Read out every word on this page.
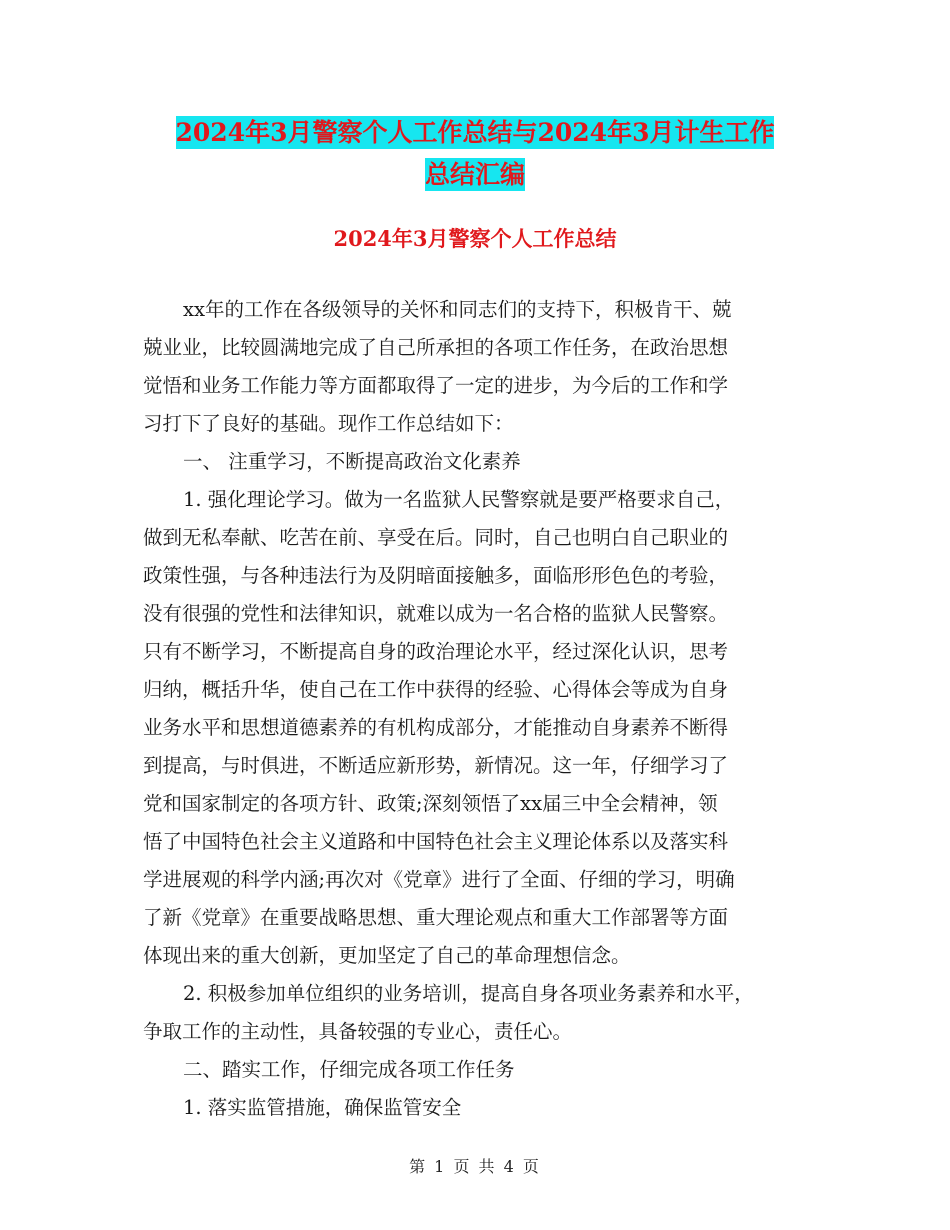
2024年3月警察个人工作总结与2024年3月计生工作
总结汇编
2024年3月警察个人工作总结
xx年的工作在各级领导的关怀和同志们的支持下，积极肯干、兢
兢业业，比较圆满地完成了自己所承担的各项工作任务，在政治思想
觉悟和业务工作能力等方面都取得了一定的进步，为今后的工作和学
习打下了良好的基础。现作工作总结如下：
一、 注重学习，不断提高政治文化素养
1. 强化理论学习。做为一名监狱人民警察就是要严格要求自己，
做到无私奉献、吃苦在前、享受在后。同时，自己也明白自己职业的
政策性强，与各种违法行为及阴暗面接触多，面临形形色色的考验，
没有很强的党性和法律知识，就难以成为一名合格的监狱人民警察。
只有不断学习，不断提高自身的政治理论水平，经过深化认识，思考
归纳，概括升华，使自己在工作中获得的经验、心得体会等成为自身
业务水平和思想道德素养的有机构成部分，才能推动自身素养不断得
到提高，与时俱进，不断适应新形势，新情况。这一年，仔细学习了
党和国家制定的各项方针、政策;深刻领悟了xx届三中全会精神，领
悟了中国特色社会主义道路和中国特色社会主义理论体系以及落实科
学进展观的科学内涵;再次对《党章》进行了全面、仔细的学习，明确
了新《党章》在重要战略思想、重大理论观点和重大工作部署等方面
体现出来的重大创新，更加坚定了自己的革命理想信念。
2. 积极参加单位组织的业务培训，提高自身各项业务素养和水平，
争取工作的主动性，具备较强的专业心，责任心。
二、踏实工作，仔细完成各项工作任务
1. 落实监管措施，确保监管安全
第 1 页 共 4 页
